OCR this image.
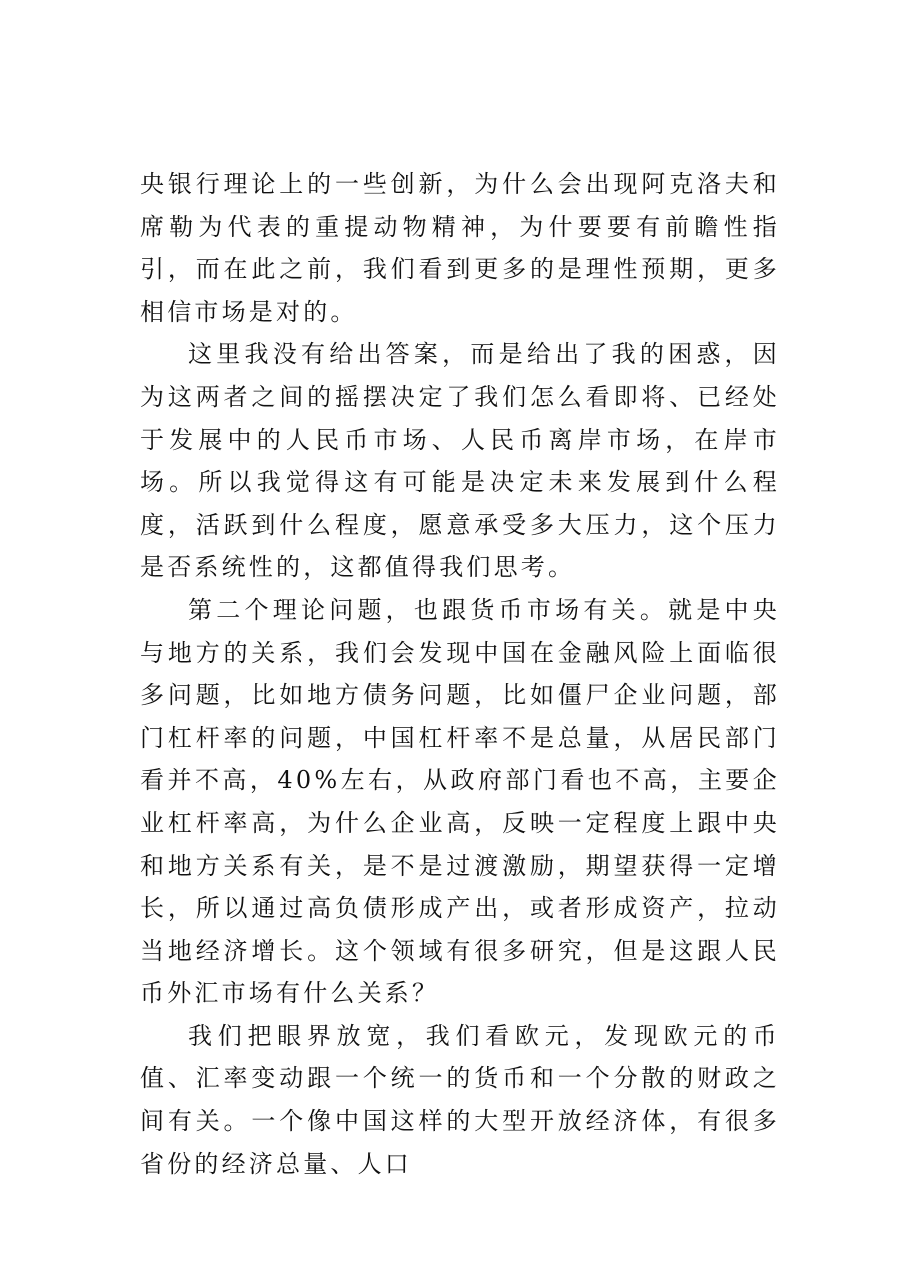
央银行理论上的一些创新，为什么会出现阿克洛夫和席勒为代表的重提动物精神，为什要要有前瞻性指引，而在此之前，我们看到更多的是理性预期，更多相信市场是对的。

这里我没有给出答案，而是给出了我的困惑，因为这两者之间的摇摆决定了我们怎么看即将、已经处于发展中的人民币市场、人民币离岸市场，在岸市场。所以我觉得这有可能是决定未来发展到什么程度，活跃到什么程度，愿意承受多大压力，这个压力是否系统性的，这都值得我们思考。

第二个理论问题，也跟货币市场有关。就是中央与地方的关系，我们会发现中国在金融风险上面临很多问题，比如地方债务问题，比如僵尸企业问题，部门杠杆率的问题，中国杠杆率不是总量，从居民部门看并不高，40%左右，从政府部门看也不高，主要企业杠杆率高，为什么企业高，反映一定程度上跟中央和地方关系有关，是不是过渡激励，期望获得一定增长，所以通过高负债形成产出，或者形成资产，拉动当地经济增长。这个领域有很多研究，但是这跟人民币外汇市场有什么关系？

我们把眼界放宽，我们看欧元，发现欧元的币值、汇率变动跟一个统一的货币和一个分散的财政之间有关。一个像中国这样的大型开放经济体，有很多省份的经济总量、人口
